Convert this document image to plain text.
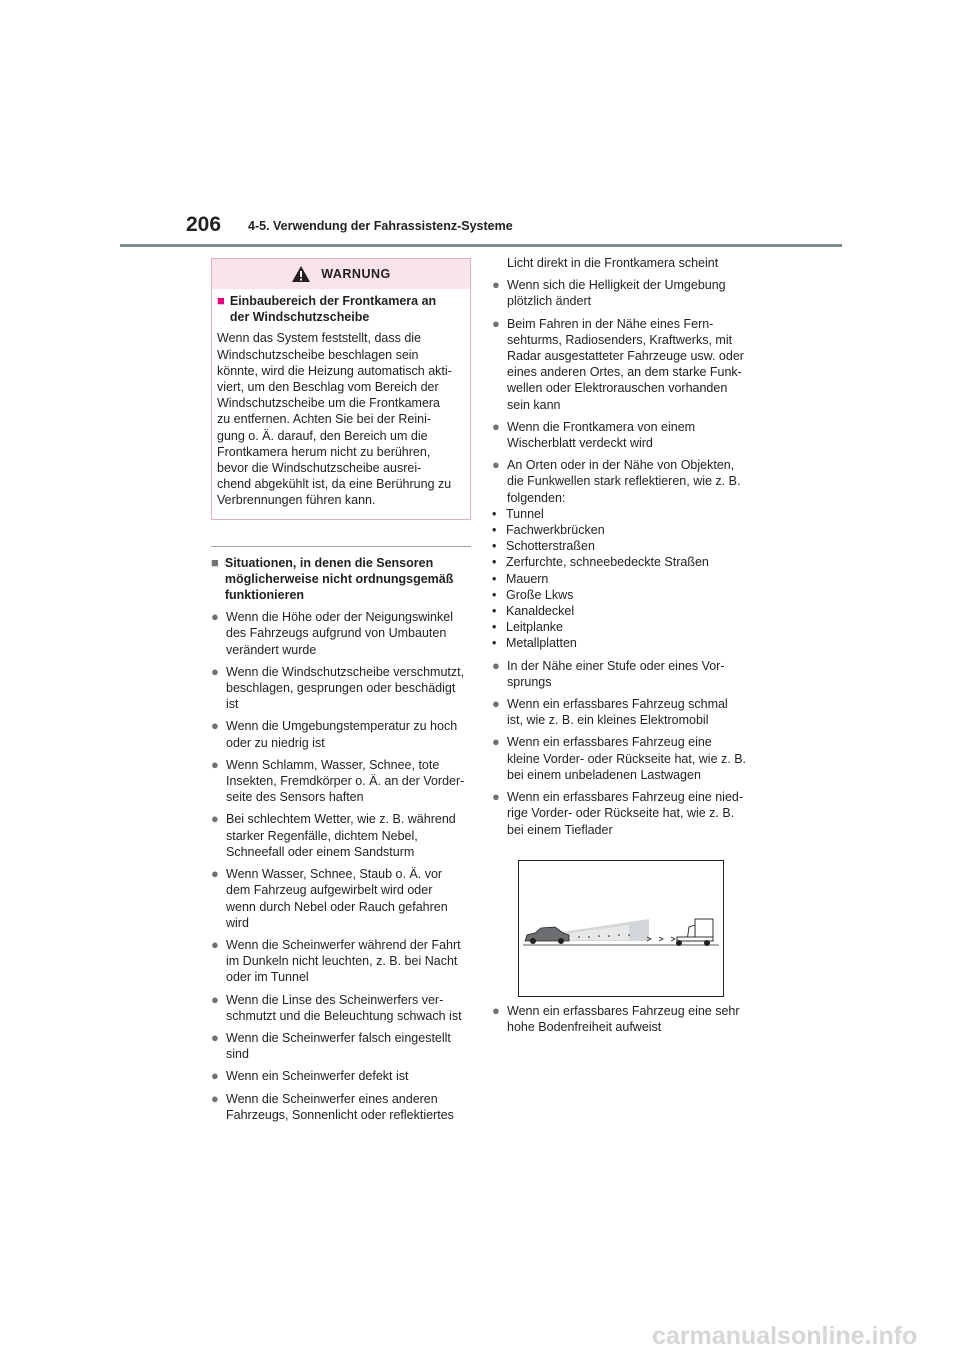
206 4-5. Verwendung der Fahrassistenz-Systeme
WARNUNG
■ Einbaubereich der Frontkamera an
der Windschutzscheibe
Wenn das System feststellt, dass die
Windschutzscheibe beschlagen sein
könnte, wird die Heizung automatisch akti-
viert, um den Beschlag vom Bereich der
Windschutzscheibe um die Frontkamera
zu entfernen. Achten Sie bei der Reini-
gung o. Ä. darauf, den Bereich um die
Frontkamera herum nicht zu berühren,
bevor die Windschutzscheibe ausrei-
chend abgekühlt ist, da eine Berührung zu
Verbrennungen führen kann.
■ Situationen, in denen die Sensoren
möglicherweise nicht ordnungsgemäß
funktionieren
● Wenn die Höhe oder der Neigungswinkel
des Fahrzeugs aufgrund von Umbauten
verändert wurde
● Wenn die Windschutzscheibe verschmutzt,
beschlagen, gesprungen oder beschädigt
ist
● Wenn die Umgebungstemperatur zu hoch
oder zu niedrig ist
● Wenn Schlamm, Wasser, Schnee, tote
Insekten, Fremdkörper o. Ä. an der Vorder-
seite des Sensors haften
● Bei schlechtem Wetter, wie z. B. während
starker Regenfälle, dichtem Nebel,
Schneefall oder einem Sandsturm
● Wenn Wasser, Schnee, Staub o. Ä. vor
dem Fahrzeug aufgewirbelt wird oder
wenn durch Nebel oder Rauch gefahren
wird
● Wenn die Scheinwerfer während der Fahrt
im Dunkeln nicht leuchten, z. B. bei Nacht
oder im Tunnel
● Wenn die Linse des Scheinwerfers ver-
schmutzt und die Beleuchtung schwach ist
● Wenn die Scheinwerfer falsch eingestellt
sind
● Wenn ein Scheinwerfer defekt ist
● Wenn die Scheinwerfer eines anderen
Fahrzeugs, Sonnenlicht oder reflektiertes
Licht direkt in die Frontkamera scheint
● Wenn sich die Helligkeit der Umgebung
plötzlich ändert
● Beim Fahren in der Nähe eines Fern-
sehturms, Radiosenders, Kraftwerks, mit
Radar ausgestatteter Fahrzeuge usw. oder
eines anderen Ortes, an dem starke Funk-
wellen oder Elektrorauschen vorhanden
sein kann
● Wenn die Frontkamera von einem
Wischerblatt verdeckt wird
● An Orten oder in der Nähe von Objekten,
die Funkwellen stark reflektieren, wie z. B.
folgenden:
• Tunnel
• Fachwerkbrücken
• Schotterstraßen
• Zerfurchte, schneebedeckte Straßen
• Mauern
• Große Lkws
• Kanaldeckel
• Leitplanke
• Metallplatten
● In der Nähe einer Stufe oder eines Vor-
sprungs
● Wenn ein erfassbares Fahrzeug schmal
ist, wie z. B. ein kleines Elektromobil
● Wenn ein erfassbares Fahrzeug eine
kleine Vorder- oder Rückseite hat, wie z. B.
bei einem unbeladenen Lastwagen
● Wenn ein erfassbares Fahrzeug eine nied-
rige Vorder- oder Rückseite hat, wie z. B.
bei einem Tieflader
● Wenn ein erfassbares Fahrzeug eine sehr
hohe Bodenfreiheit aufweist
carmanualsonline.info
